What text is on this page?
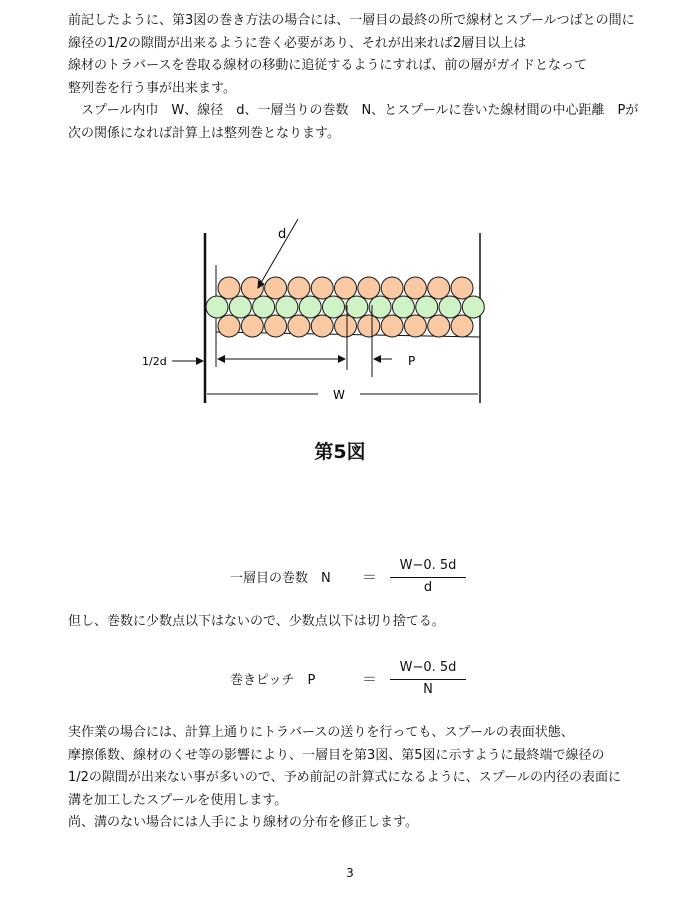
前記したように、第3図の巻き方法の場合には、一層目の最終の所で線材とスプールつばとの間に
線径の1/2の隙間が出来るように巻く必要があり、それが出来れば2層目以上は
線材のトラバースを巻取る線材の移動に追従するようにすれば、前の層がガイドとなって
整列巻を行う事が出来ます。
　スプール内巾　W、線径　d、一層当りの巻数　N、とスプールに巻いた線材間の中心距離　Pが
次の関係になれば計算上は整列巻となります。
d
1/2d	P
W
第5図
一層目の巻数　N ＝
W−0. 5d
d
但し、巻数に少数点以下はないので、少数点以下は切り捨てる。
巻きピッチ　P	＝
W−0. 5d
N
実作業の場合には、計算上通りにトラバースの送りを行っても、スプールの表面状態、
摩擦係数、線材のくせ等の影響により、一層目を第3図、第5図に示すように最終端で線径の
1/2の隙間が出来ない事が多いので、予め前記の計算式になるように、スプールの内径の表面に
溝を加工したスプールを使用します。
尚、溝のない場合には人手により線材の分布を修正します。
3
